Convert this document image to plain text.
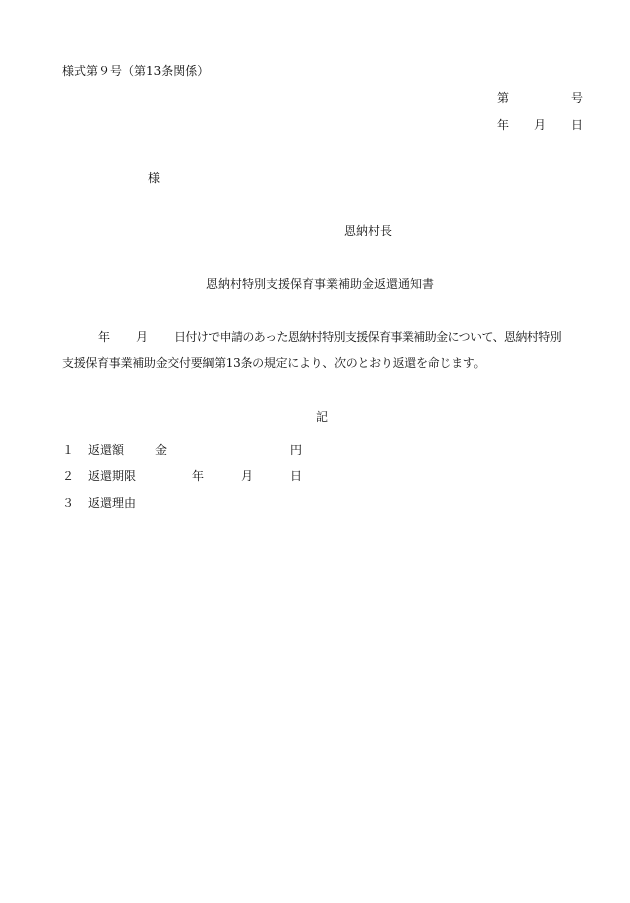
様式第９号（第13条関係）
第	号
年 月 日
様
恩納村長
恩納村特別支援保育事業補助金返還通知書
年 月 日付けで申請のあった恩納村特別支援保育事業補助金について、恩納村特別
支援保育事業補助金交付要綱第13条の規定により、次のとおり返還を命じます。
記
１ 返還額	金	円
２ 返還期限	年	月	日
３ 返還理由
